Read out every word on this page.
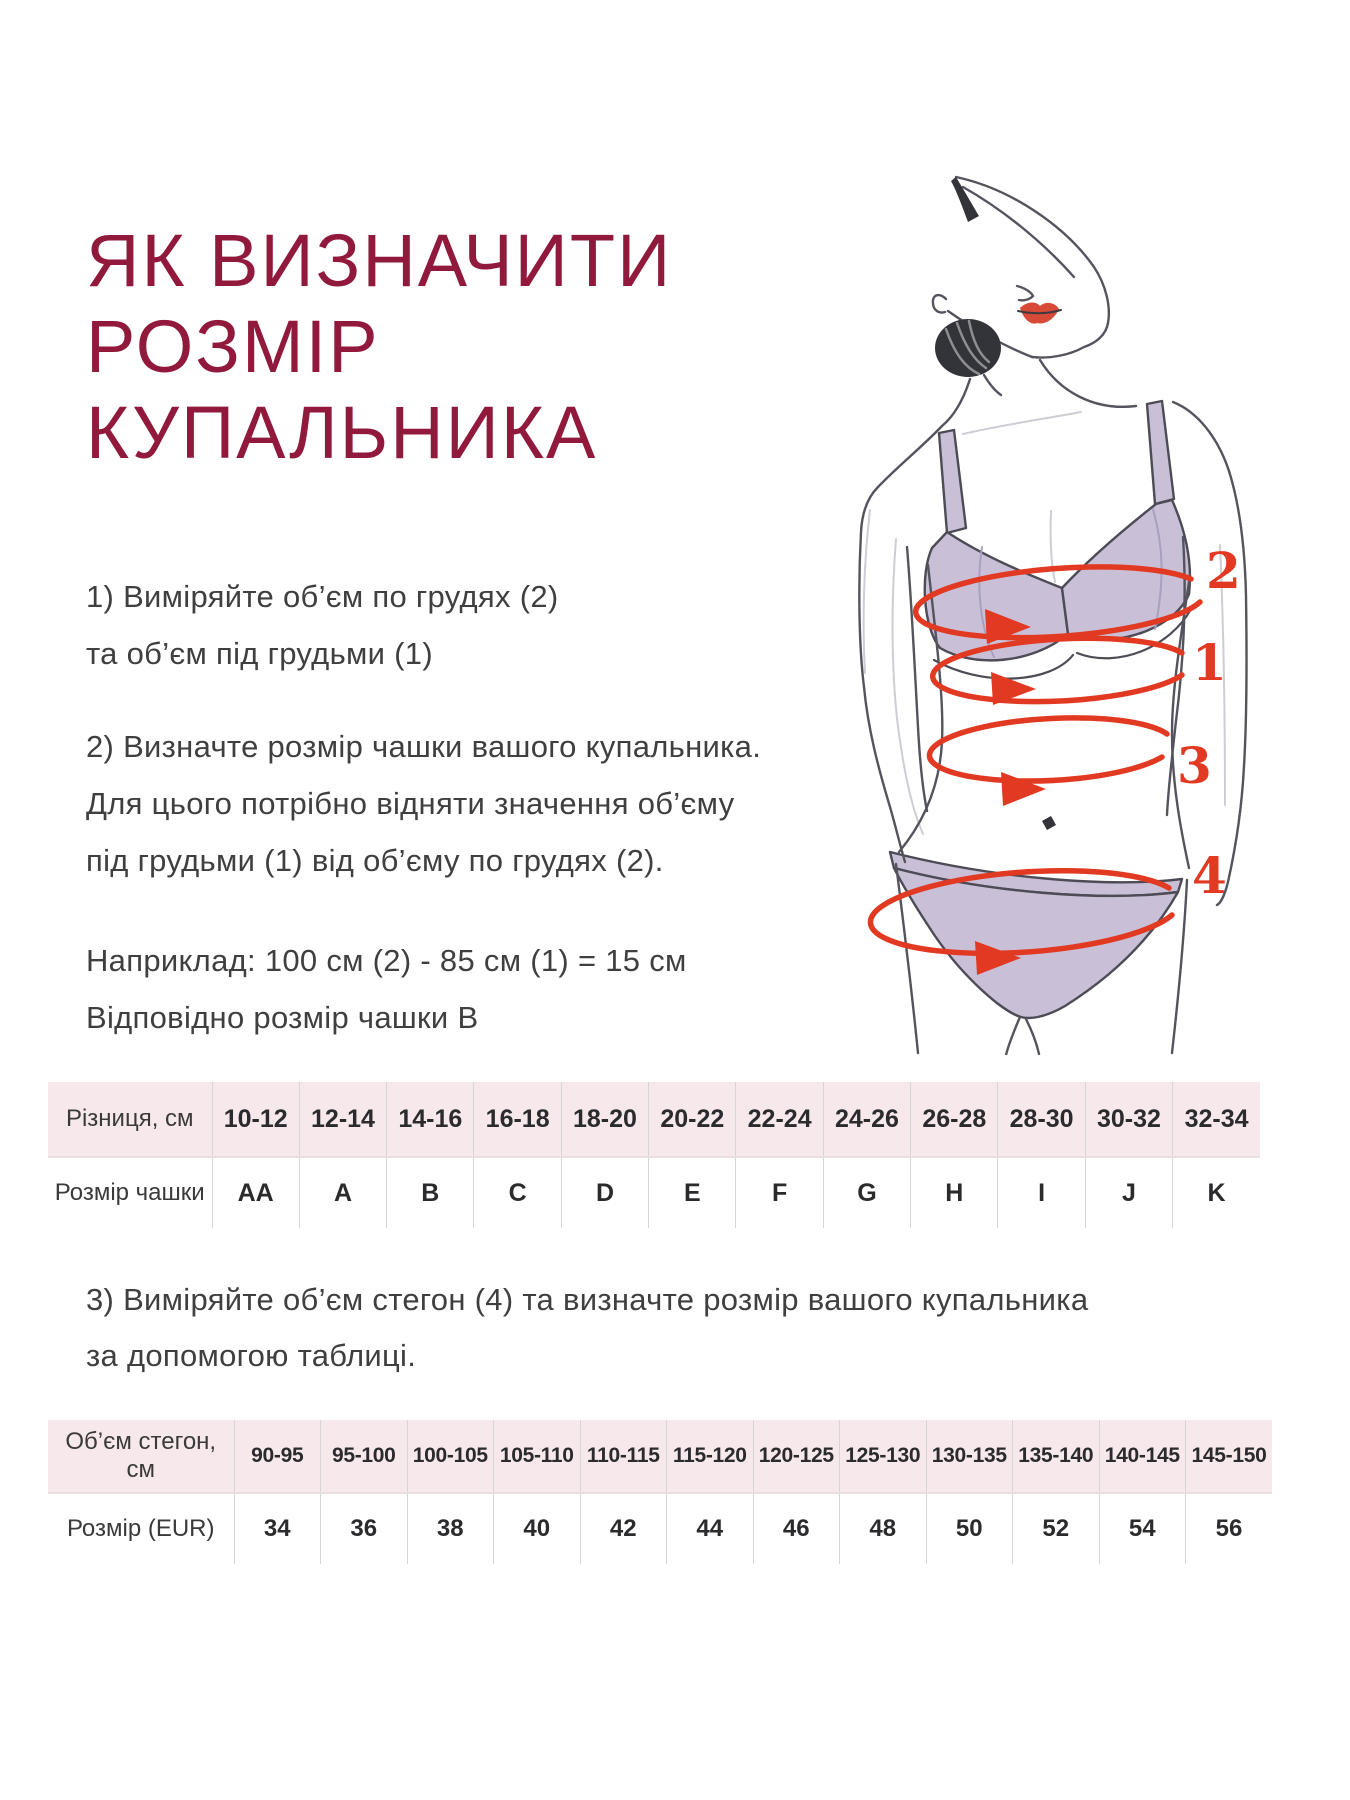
ЯК ВИЗНАЧИТИ
РОЗМІР
КУПАЛЬНИКА
1) Виміряйте об’єм по грудях (2)
та об’єм під грудьми (1)
2) Визначте розмір чашки вашого купальника.
Для цього потрібно відняти значення об’єму
під грудьми (1) від об’єму по грудях (2).
Наприклад: 100 см (2) - 85 см (1) = 15 см
Відповідно розмір чашки B
Різниця, см	10-12	12-14	14-16	16-18	18-20	20-22	22-24	24-26	26-28	28-30	30-32	32-34
Розмір чашки	AA	A	B	C	D	E	F	G	H	I	J	K
3) Виміряйте об’єм стегон (4) та визначте розмір вашого купальника
за допомогою таблиці.
Об’єм стегон, см	90-95	95-100	100-105	105-110	110-115	115-120	120-125	125-130	130-135	135-140	140-145	145-150
Розмір (EUR)	34	36	38	40	42	44	46	48	50	52	54	56
2
1
3
4
